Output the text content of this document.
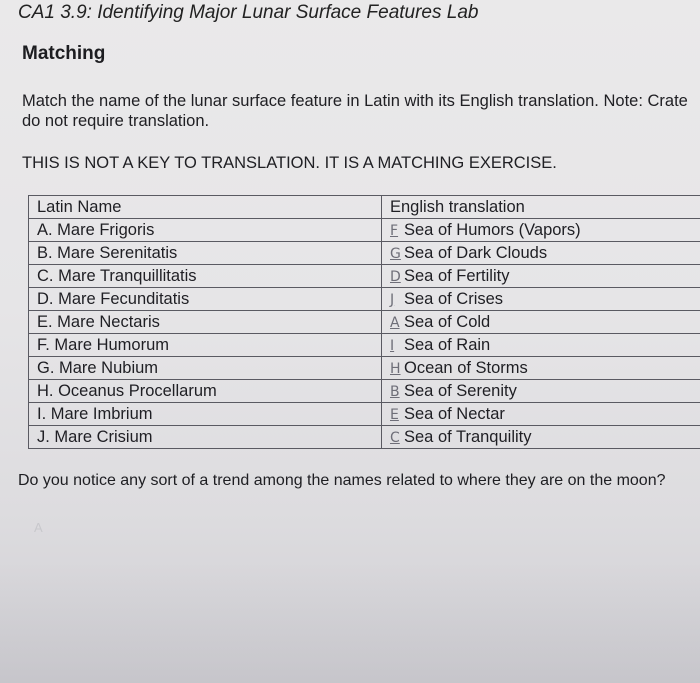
CA1 3.9: Identifying Major Lunar Surface Features Lab
Matching
Match the name of the lunar surface feature in Latin with its English translation. Note: Crate
do not require translation.
THIS IS NOT A KEY TO TRANSLATION. IT IS A MATCHING EXERCISE.
Latin Name	English translation
A. Mare Frigoris	F Sea of Humors (Vapors)
B. Mare Serenitatis	G Sea of Dark Clouds
C. Mare Tranquillitatis	D Sea of Fertility
D. Mare Fecunditatis	J Sea of Crises
E. Mare Nectaris	A Sea of Cold
F. Mare Humorum	I Sea of Rain
G. Mare Nubium	H Ocean of Storms
H. Oceanus Procellarum	B Sea of Serenity
I. Mare Imbrium	E Sea of Nectar
J. Mare Crisium	C Sea of Tranquility
Do you notice any sort of a trend among the names related to where they are on the moon?
A
